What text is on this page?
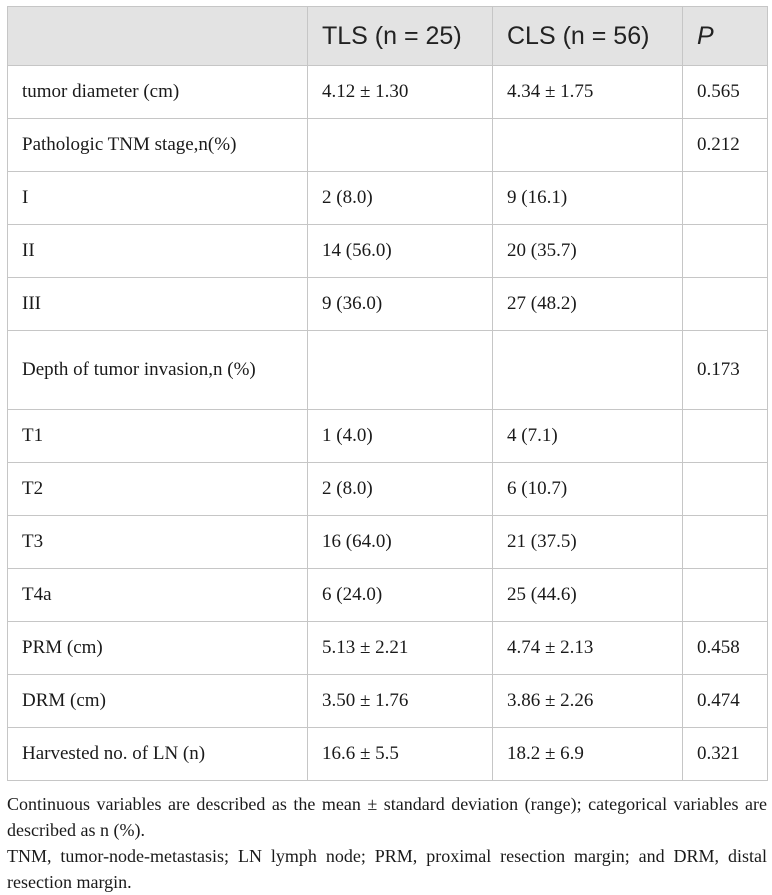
	TLS (n = 25)	CLS (n = 56)	P
tumor diameter (cm)	4.12 ± 1.30	4.34 ± 1.75	0.565
Pathologic TNM stage,n(%)			0.212
I	2 (8.0)	9 (16.1)	
II	14 (56.0)	20 (35.7)	
III	9 (36.0)	27 (48.2)	
Depth of tumor invasion,n (%)			0.173
T1	1 (4.0)	4 (7.1)	
T2	2 (8.0)	6 (10.7)	
T3	16 (64.0)	21 (37.5)	
T4a	6 (24.0)	25 (44.6)	
PRM (cm)	5.13 ± 2.21	4.74 ± 2.13	0.458
DRM (cm)	3.50 ± 1.76	3.86 ± 2.26	0.474
Harvested no. of LN (n)	16.6 ± 5.5	18.2 ± 6.9	0.321

Continuous variables are described as the mean ± standard deviation (range); categorical variables are described as n (%).

TNM, tumor-node-metastasis; LN lymph node; PRM, proximal resection margin; and DRM, distal resection margin.
